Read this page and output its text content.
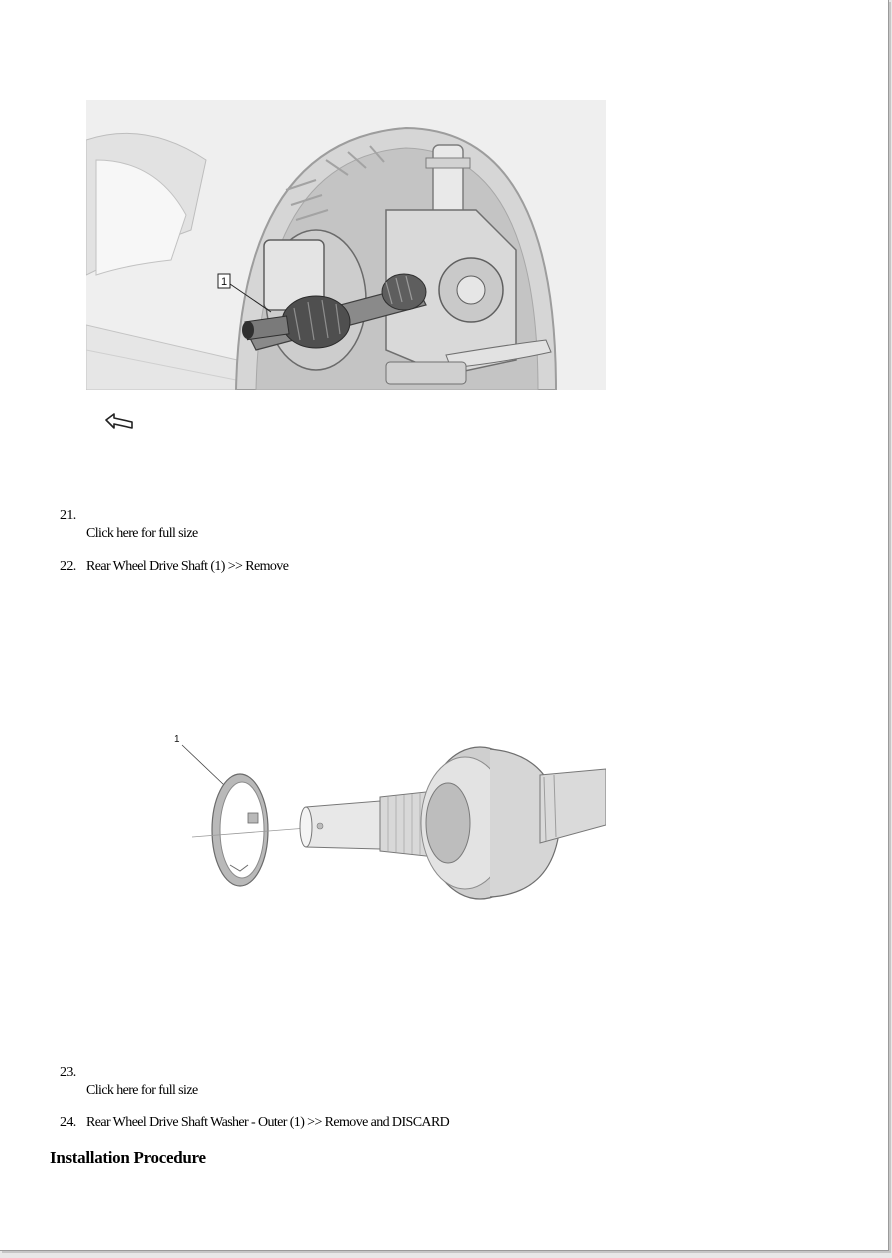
1
21.
Click here for full size
22. Rear Wheel Drive Shaft (1) >> Remove
1
23.
Click here for full size
24. Rear Wheel Drive Shaft Washer - Outer (1) >> Remove and DISCARD
Installation Procedure
